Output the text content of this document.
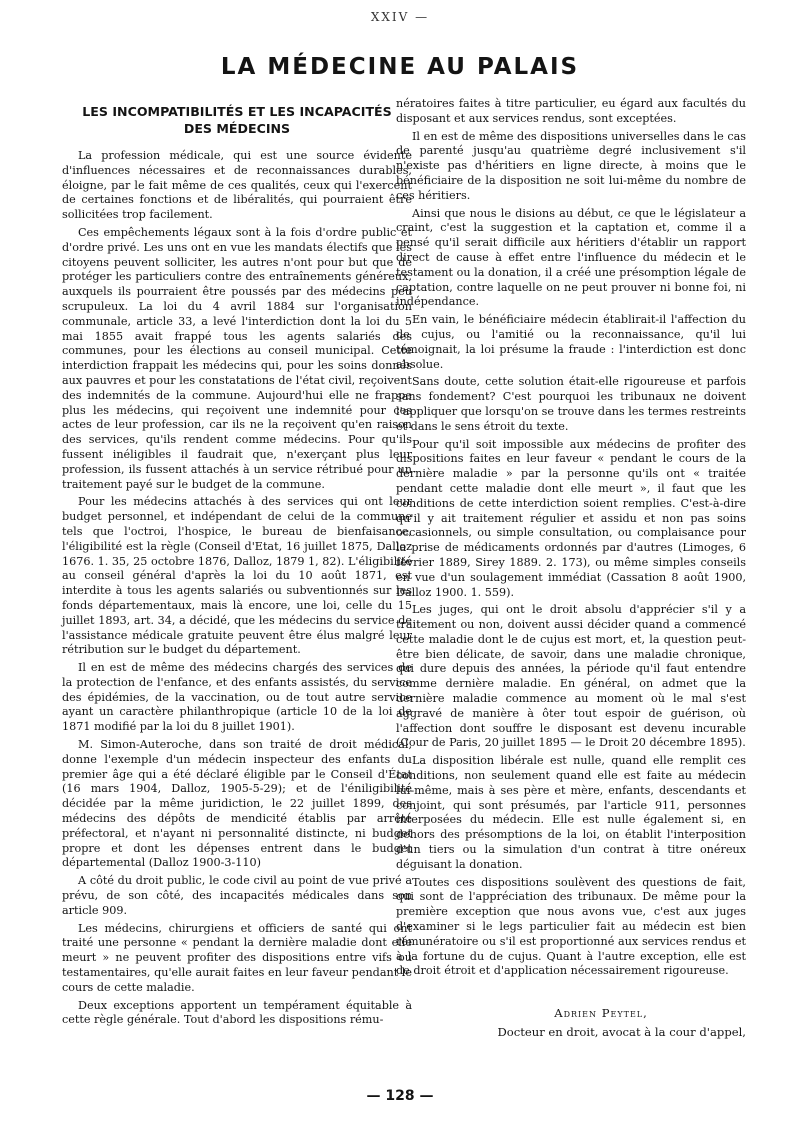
XXIV —
LA MÉDECINE AU PALAIS
LES INCOMPATIBILITÉS ET LES INCAPACITÉS
DES MÉDECINS

La profession médicale, qui est une source évidente d'influences nécessaires et de reconnaissances durables, éloigne, par le fait même de ces qualités, ceux qui l'exercent de certaines fonctions et de libéralités, qui pourraient être sollicitées trop facilement.

Ces empêchements légaux sont à la fois d'ordre public et d'ordre privé. Les uns ont en vue les mandats électifs que les citoyens peuvent solliciter, les autres n'ont pour but que de protéger les particuliers contre des entraînements généreux, auxquels ils pourraient être poussés par des médecins peu scrupuleux. La loi du 4 avril 1884 sur l'organisation communale, article 33, a levé l'interdiction dont la loi du 5 mai 1855 avait frappé tous les agents salariés des communes, pour les élections au conseil municipal. Cette interdiction frappait les médecins qui, pour les soins donnés aux pauvres et pour les constatations de l'état civil, reçoivent des indemnités de la commune. Aujourd'hui elle ne frappe plus les médecins, qui reçoivent une indemnité pour ces actes de leur profession, car ils ne la reçoivent qu'en raison des services, qu'ils rendent comme médecins. Pour qu'ils fussent inéligibles il faudrait que, n'exerçant plus leur profession, ils fussent attachés à un service rétribué pour un traitement payé sur le budget de la commune.

Pour les médecins attachés à des services qui ont leur budget personnel, et indépendant de celui de la commune tels que l'octroi, l'hospice, le bureau de bienfaisance, l'éligibilité est la règle (Conseil d'Etat, 16 juillet 1875, Dalloz 1676. 1. 35, 25 octobre 1876, Dalloz, 1879 1, 82). L'éligibilité au conseil général d'après la loi du 10 août 1871, est interdite à tous les agents salariés ou subventionnés sur les fonds départementaux, mais là encore, une loi, celle du 15 juillet 1893, art. 34, a décidé, que les médecins du service de l'assistance médicale gratuite peuvent être élus malgré leur rétribution sur le budget du département.

Il en est de même des médecins chargés des services de la protection de l'enfance, et des enfants assistés, du service des épidémies, de la vaccination, ou de tout autre service ayant un caractère philanthropique (article 10 de la loi de 1871 modifié par la loi du 8 juillet 1901).

M. Simon-Auteroche, dans son traité de droit médical, donne l'exemple d'un médecin inspecteur des enfants du premier âge qui a été déclaré éligible par le Conseil d'État (16 mars 1904, Dalloz, 1905-5-29); et de l'éniligibilité décidée par la même juridiction, le 22 juillet 1899, des médecins des dépôts de mendicité établis par arrêté préfectoral, et n'ayant ni personnalité distincte, ni budget propre et dont les dépenses entrent dans le budget départemental (Dalloz 1900-3-110)

A côté du droit public, le code civil au point de vue privé a prévu, de son côté, des incapacités médicales dans son article 909.

Les médecins, chirurgiens et officiers de santé qui ont traité une personne « pendant la dernière maladie dont elle meurt » ne peuvent profiter des dispositions entre vifs ou testamentaires, qu'elle aurait faites en leur faveur pendant le cours de cette maladie.

Deux exceptions apportent un tempérament équitable à cette règle générale. Tout d'abord les dispositions rému-

nératoires faites à titre particulier, eu égard aux facultés du disposant et aux services rendus, sont exceptées.

Il en est de même des dispositions universelles dans le cas de parenté jusqu'au quatrième degré inclusivement s'il n'existe pas d'héritiers en ligne directe, à moins que le bénéficiaire de la disposition ne soit lui-même du nombre de ces héritiers.

Ainsi que nous le disions au début, ce que le législateur a craint, c'est la suggestion et la captation et, comme il a pensé qu'il serait difficile aux héritiers d'établir un rapport direct de cause à effet entre l'influence du médecin et le testament ou la donation, il a créé une présomption légale de captation, contre laquelle on ne peut prouver ni bonne foi, ni indépendance.

En vain, le bénéficiaire médecin établirait-il l'affection du de cujus, ou l'amitié ou la reconnaissance, qu'il lui témoignait, la loi présume la fraude : l'interdiction est donc absolue.

Sans doute, cette solution était-elle rigoureuse et parfois sans fondement? C'est pourquoi les tribunaux ne doivent l'appliquer que lorsqu'on se trouve dans les termes restreints et dans le sens étroit du texte.

Pour qu'il soit impossible aux médecins de profiter des dispositions faites en leur faveur « pendant le cours de la dernière maladie » par la personne qu'ils ont « traitée pendant cette maladie dont elle meurt », il faut que les conditions de cette interdiction soient remplies. C'est-à-dire qu'il y ait traitement régulier et assidu et non pas soins occasionnels, ou simple consultation, ou complaisance pour la prise de médicaments ordonnés par d'autres (Limoges, 6 février 1889, Sirey 1889. 2. 173), ou même simples conseils en vue d'un soulagement immédiat (Cassation 8 août 1900, Dalloz 1900. 1. 559).

Les juges, qui ont le droit absolu d'apprécier s'il y a traitement ou non, doivent aussi décider quand a commencé cette maladie dont le de cujus est mort, et, la question peut-être bien délicate, de savoir, dans une maladie chronique, qui dure depuis des années, la période qu'il faut entendre comme dernière maladie. En général, on admet que la dernière maladie commence au moment où le mal s'est aggravé de manière à ôter tout espoir de guérison, où l'affection dont souffre le disposant est devenu incurable (Cour de Paris, 20 juillet 1895 — le Droit 20 décembre 1895).

La disposition libérale est nulle, quand elle remplit ces conditions, non seulement quand elle est faite au médecin lui-même, mais à ses père et mère, enfants, descendants et conjoint, qui sont présumés, par l'article 911, personnes interposées du médecin. Elle est nulle également si, en dehors des présomptions de la loi, on établit l'interposition d'un tiers ou la simulation d'un contrat à titre onéreux déguisant la donation.

Toutes ces dispositions soulèvent des questions de fait, qui sont de l'appréciation des tribunaux. De même pour la première exception que nous avons vue, c'est aux juges d'examiner si le legs particulier fait au médecin est bien rémunératoire ou s'il est proportionné aux services rendus et à la fortune du de cujus. Quant à l'autre exception, elle est de droit étroit et d'application nécessairement rigoureuse.

Adrien Peytel,
Docteur en droit, avocat à la cour d'appel,
— 128 —
